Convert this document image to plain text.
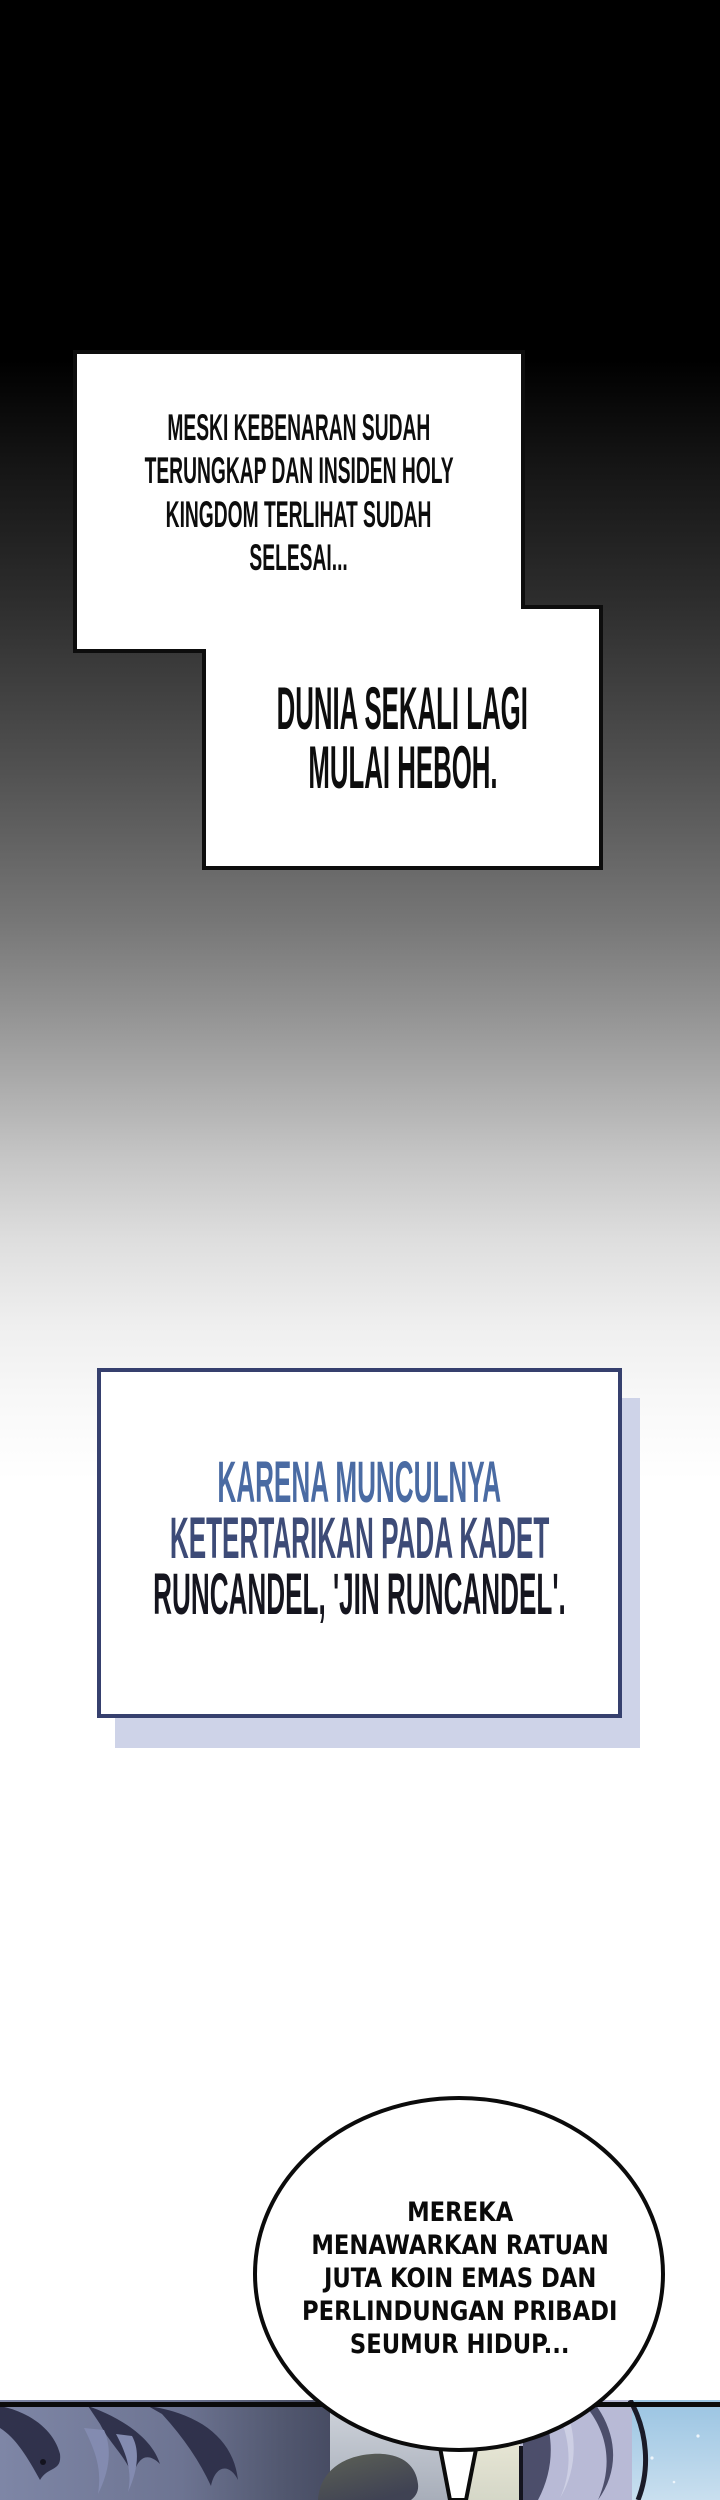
MESKI KEBENARAN SUDAH
TERUNGKAP DAN INSIDEN HOLY
KINGDOM TERLIHAT SUDAH
SELESAI...
DUNIA SEKALI LAGI
MULAI HEBOH.
KARENA MUNCULNYA
KETERTARIKAN PADA KADET
RUNCANDEL, 'JIN RUNCANDEL'.
MEREKA
MENAWARKAN RATUAN
JUTA KOIN EMAS DAN
PERLINDUNGAN PRIBADI
SEUMUR HIDUP...
